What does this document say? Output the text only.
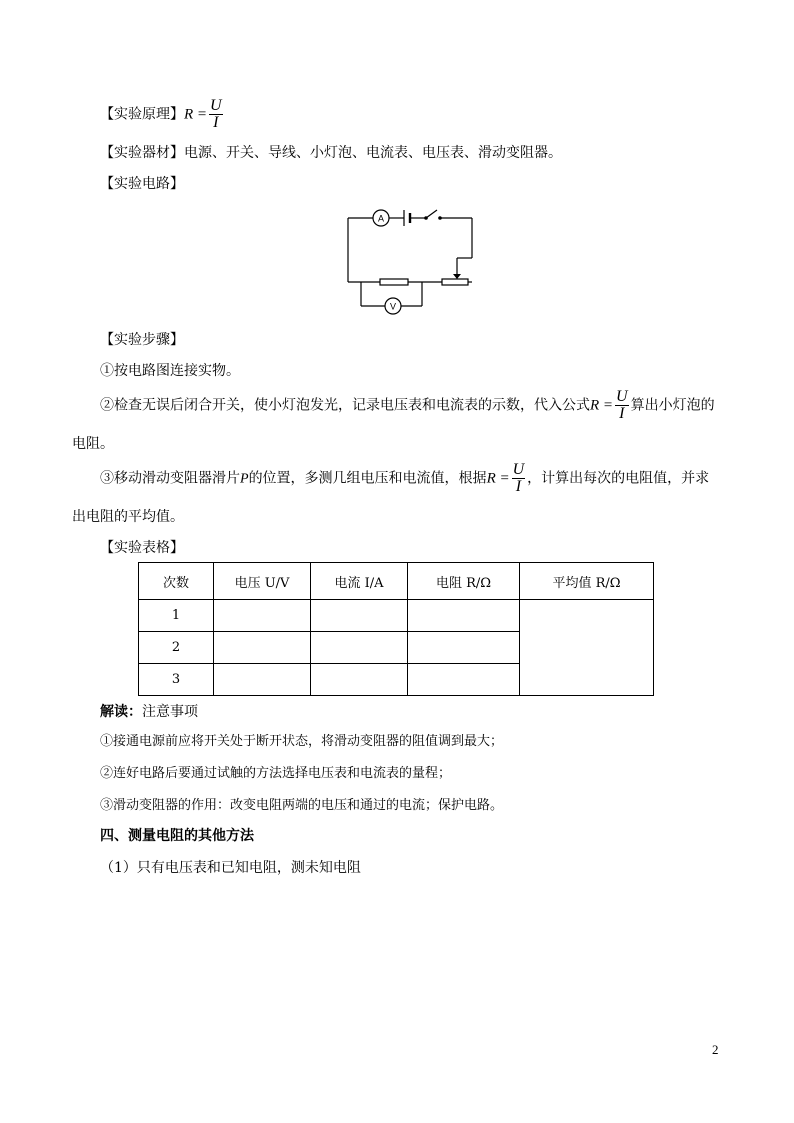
【实验原理】$R = \frac{U}{I}$
【实验器材】电源、开关、导线、小灯泡、电流表、电压表、滑动变阻器。
【实验电路】
A
V
【实验步骤】
①按电路图连接实物。
②检查无误后闭合开关，使小灯泡发光，记录电压表和电流表的示数，代入公式$R = \frac{U}{I}$ 算出小灯泡的
电阻。
③移动滑动变阻器滑片P的位置，多测几组电压和电流值，根据$R = \frac{U}{I}$ ，计算出每次的电阻值，并求
出电阻的平均值。
【实验表格】
次数	电压 U/V	电流 I/A	电阻 R/Ω	平均值 R/Ω
1				
2				
3				
解读：注意事项
①接通电源前应将开关处于断开状态，将滑动变阻器的阻值调到最大；
②连好电路后要通过试触的方法选择电压表和电流表的量程；
③滑动变阻器的作用：改变电阻两端的电压和通过的电流；保护电路。
四、测量电阻的其他方法
（1）只有电压表和已知电阻，测未知电阻
2
